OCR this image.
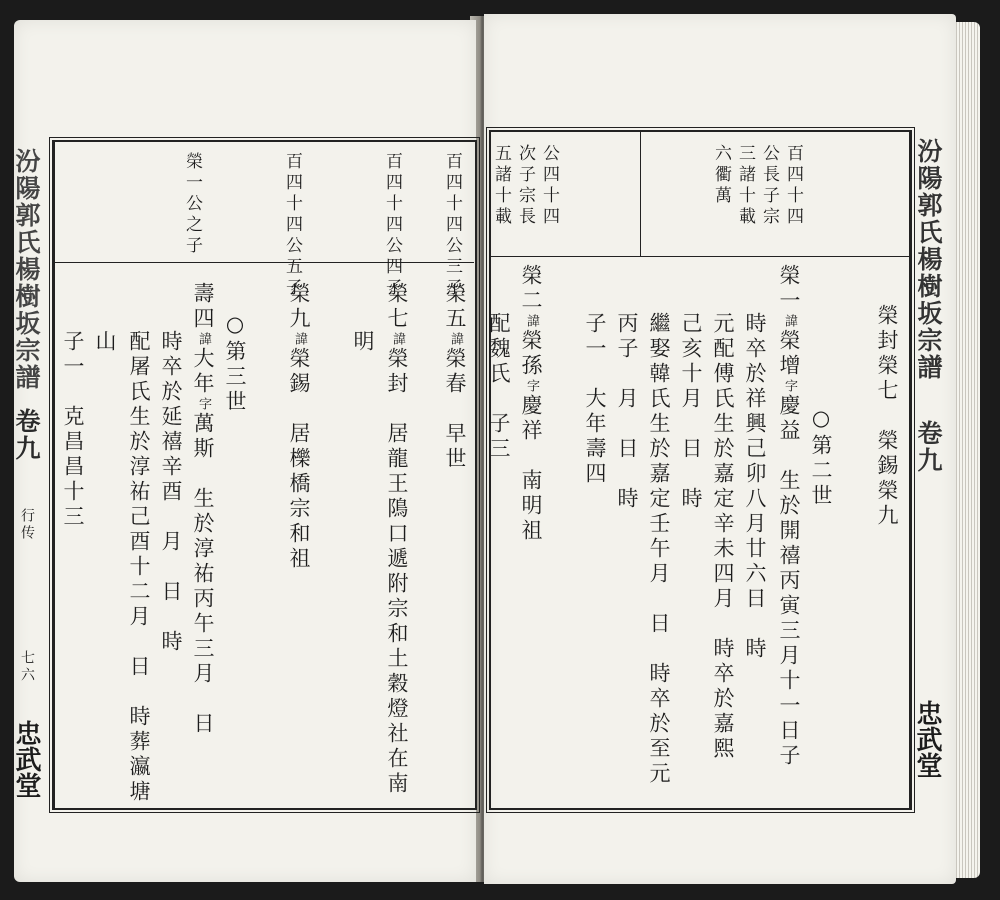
汾陽郭氏楊樹坂宗譜
卷九
行传
七六
忠武堂
百四十四公三子
百四十四公四子
百四十四公五子
榮一公之子
榮五諱榮春　早世
榮七諱榮封　居龍王隝口遞附宗和土穀燈社在南
明
榮九諱榮錫　居櫟橋宗和祖
○第三世
壽四諱大年字萬斯　生於淳祐丙午三月　日
時卒於延禧辛酉　月　日　時
配屠氏生於淳祐己酉十二月　日　時葬瀛塘
山
子一　克昌昌十三
汾陽郭氏楊樹坂宗譜
卷九
忠武堂
百四十四
公長子宗
三諸十載
六衢萬
公四十四
次子宗長
五諸十載
榮封榮七　榮錫榮九
○第二世
榮一諱榮增字慶益　生於開禧丙寅三月十一日子
時卒於祥興己卯八月廿六日　時
元配傅氏生於嘉定辛未四月　時卒於嘉熙
己亥十月　日　時
繼娶韓氏生於嘉定壬午月　日　時卒於至元
丙子　月　日　時
子一　大年壽四
榮二諱榮孫字慶祥　南明祖
配魏氏　子三
